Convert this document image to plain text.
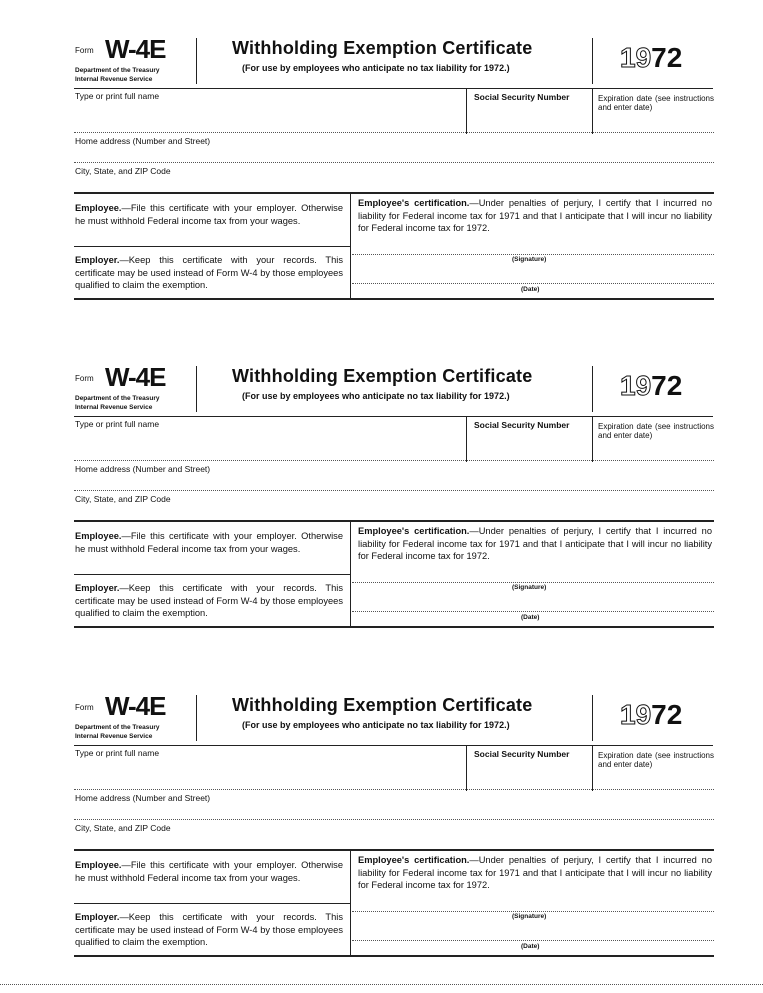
Form W-4E
Department of the Treasury
Internal Revenue Service
Withholding Exemption Certificate
(For use by employees who anticipate no tax liability for 1972.)	1972
Type or print full name	Social Security Number	Expiration date (see instructions and enter date)
Home address (Number and Street)
City, State, and ZIP Code
Employee.—File this certificate with your employer. Otherwise he must withhold Federal income tax from your wages.
Employer.—Keep this certificate with your records. This certificate may be used instead of Form W-4 by those employees qualified to claim the exemption.
Employee's certification.—Under penalties of perjury, I certify that I incurred no liability for Federal income tax for 1971 and that I anticipate that I will incur no liability for Federal income tax for 1972.
(Signature)
(Date)
Form W-4E
Department of the Treasury
Internal Revenue Service
Withholding Exemption Certificate
(For use by employees who anticipate no tax liability for 1972.)	1972
Type or print full name	Social Security Number	Expiration date (see instructions and enter date)
Home address (Number and Street)
City, State, and ZIP Code
Employee.—File this certificate with your employer. Otherwise he must withhold Federal income tax from your wages.
Employer.—Keep this certificate with your records. This certificate may be used instead of Form W-4 by those employees qualified to claim the exemption.
Employee's certification.—Under penalties of perjury, I certify that I incurred no liability for Federal income tax for 1971 and that I anticipate that I will incur no liability for Federal income tax for 1972.
(Signature)
(Date)
Form W-4E
Department of the Treasury
Internal Revenue Service
Withholding Exemption Certificate
(For use by employees who anticipate no tax liability for 1972.)	1972
Type or print full name	Social Security Number	Expiration date (see instructions and enter date)
Home address (Number and Street)
City, State, and ZIP Code
Employee.—File this certificate with your employer. Otherwise he must withhold Federal income tax from your wages.
Employer.—Keep this certificate with your records. This certificate may be used instead of Form W-4 by those employees qualified to claim the exemption.
Employee's certification.—Under penalties of perjury, I certify that I incurred no liability for Federal income tax for 1971 and that I anticipate that I will incur no liability for Federal income tax for 1972.
(Signature)
(Date)
